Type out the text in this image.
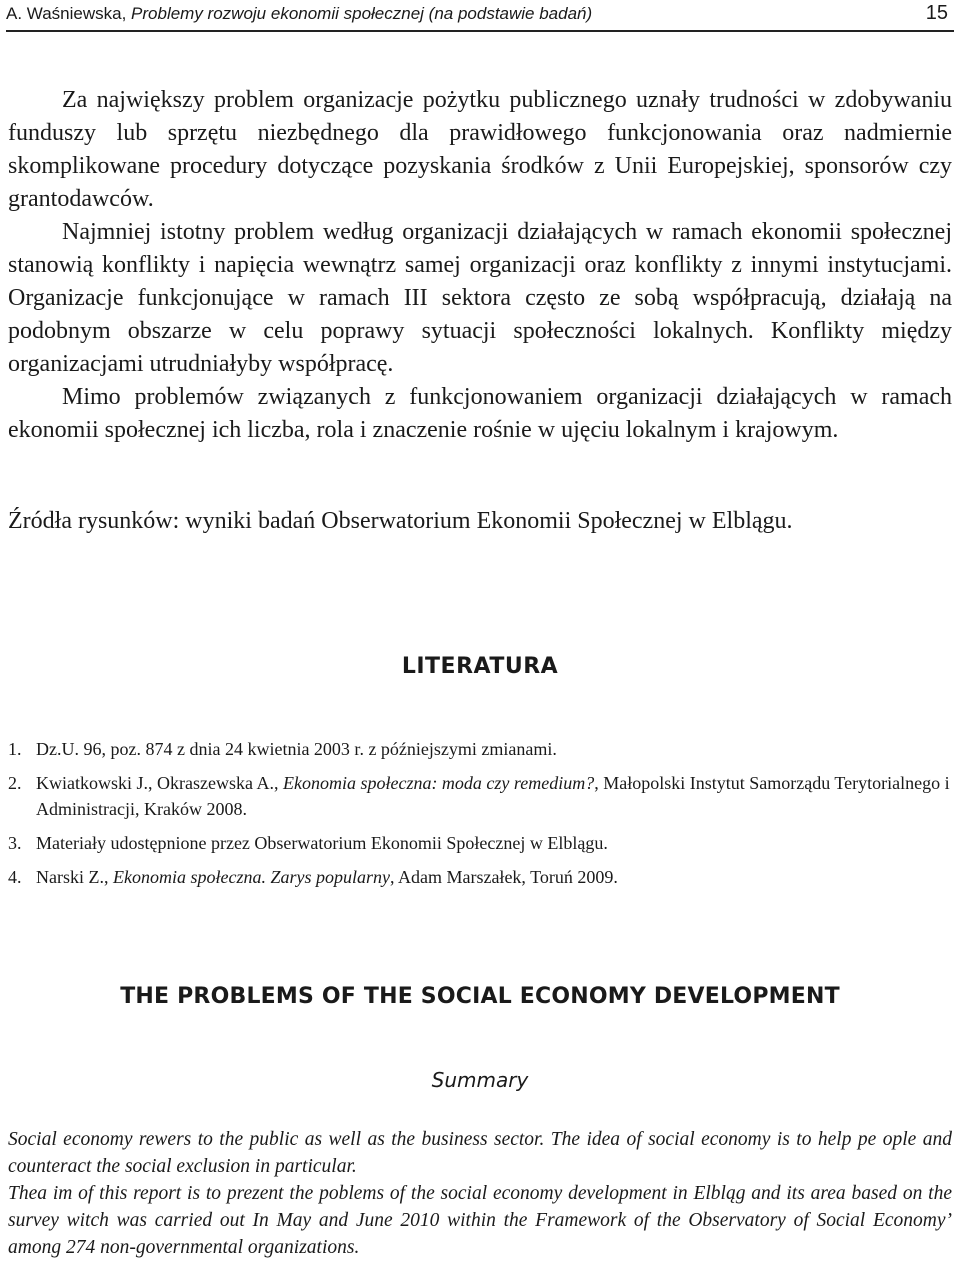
A. Waśniewska, Problemy rozwoju ekonomii społecznej (na podstawie badań)	15

Za największy problem organizacje pożytku publicznego uznały trudności w zdobywaniu funduszy lub sprzętu niezbędnego dla prawidłowego funkcjonowania oraz nadmiernie skomplikowane procedury dotyczące pozyskania środków z Unii Europejskiej, sponsorów czy grantodawców.

Najmniej istotny problem według organizacji działających w ramach ekonomii społecznej stanowią konflikty i napięcia wewnątrz samej organizacji oraz konflikty z innymi instytucjami. Organizacje funkcjonujące w ramach III sektora często ze sobą współpracują, działają na podobnym obszarze w celu poprawy sytuacji społeczności lokalnych. Konflikty między organizacjami utrudniałyby współpracę.

Mimo problemów związanych z funkcjonowaniem organizacji działających w ramach ekonomii społecznej ich liczba, rola i znaczenie rośnie w ujęciu lokalnym i krajowym.

Źródła rysunków: wyniki badań Obserwatorium Ekonomii Społecznej w Elblągu.
LITERATURA
1. Dz.U. 96, poz. 874 z dnia 24 kwietnia 2003 r. z późniejszymi zmianami.
2. Kwiatkowski J., Okraszewska A., Ekonomia społeczna: moda czy remedium?, Małopolski Instytut Samorządu Terytorialnego i Administracji, Kraków 2008.
3. Materiały udostępnione przez Obserwatorium Ekonomii Społecznej w Elblągu.
4. Narski Z., Ekonomia społeczna. Zarys popularny, Adam Marszałek, Toruń 2009.
THE PROBLEMS OF THE SOCIAL ECONOMY DEVELOPMENT
Summary

Social economy rewers to the public as well as the business sector. The idea of social economy is to help pe ople and counteract the social exclusion in particular.

Thea im of this report is to prezent the poblems of the social economy development in Elbląg and its area based on the survey witch was carried out In May and June 2010 within the Framework of the Observatory of Social Economy’ among 274 non-governmental organizations.
